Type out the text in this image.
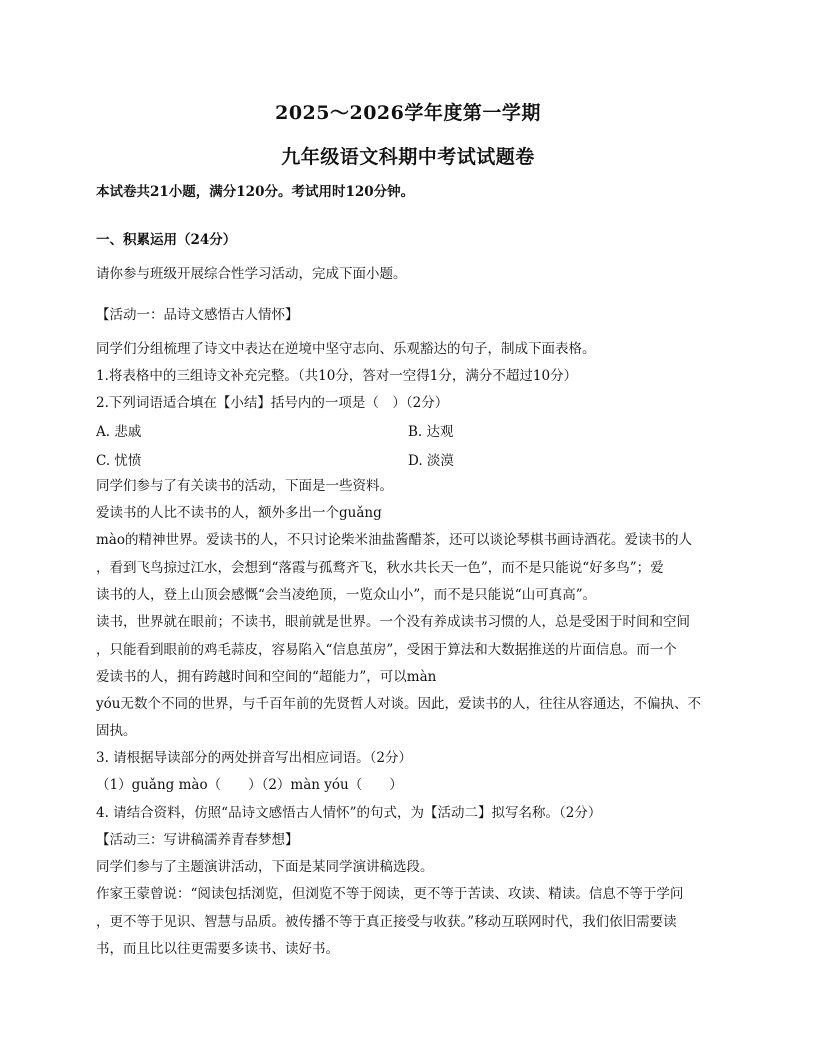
2025～2026学年度第一学期
九年级语文科期中考试试题卷
本试卷共21小题，满分120分。考试用时120分钟。
一、积累运用（24分）
请你参与班级开展综合性学习活动，完成下面小题。
【活动一：品诗文感悟古人情怀】
同学们分组梳理了诗文中表达在逆境中坚守志向、乐观豁达的句子，制成下面表格。
1.将表格中的三组诗文补充完整。（共10分，答对一空得1分，满分不超过10分）
2.下列词语适合填在【小结】括号内的一项是（　）（2分）
A. 悲戚	B. 达观
C. 忧愤	D. 淡漠
同学们参与了有关读书的活动，下面是一些资料。
爱读书的人比不读书的人，额外多出一个guǎng
mào的精神世界。爱读书的人，不只讨论柴米油盐酱醋茶，还可以谈论琴棋书画诗酒花。爱读书的人
，看到飞鸟掠过江水，会想到“落霞与孤鹜齐飞，秋水共长天一色”，而不是只能说“好多鸟”；爱
读书的人，登上山顶会感慨“会当凌绝顶，一览众山小”，而不是只能说“山可真高”。
读书，世界就在眼前；不读书，眼前就是世界。一个没有养成读书习惯的人，总是受困于时间和空间
，只能看到眼前的鸡毛蒜皮，容易陷入“信息茧房”，受困于算法和大数据推送的片面信息。而一个
爱读书的人，拥有跨越时间和空间的“超能力”，可以màn
yóu无数个不同的世界，与千百年前的先贤哲人对谈。因此，爱读书的人，往往从容通达，不偏执、不
固执。
3. 请根据导读部分的两处拼音写出相应词语。（2分）
（1）guǎng mào（　　）（2）màn yóu（　　）
4. 请结合资料，仿照“品诗文感悟古人情怀”的句式，为【活动二】拟写名称。（2分）
【活动三：写讲稿濡养青春梦想】
同学们参与了主题演讲活动，下面是某同学演讲稿选段。
作家王蒙曾说：“阅读包括浏览，但浏览不等于阅读，更不等于苦读、攻读、精读。信息不等于学问
，更不等于见识、智慧与品质。被传播不等于真正接受与收获。”移动互联网时代，我们依旧需要读
书，而且比以往更需要多读书、读好书。
